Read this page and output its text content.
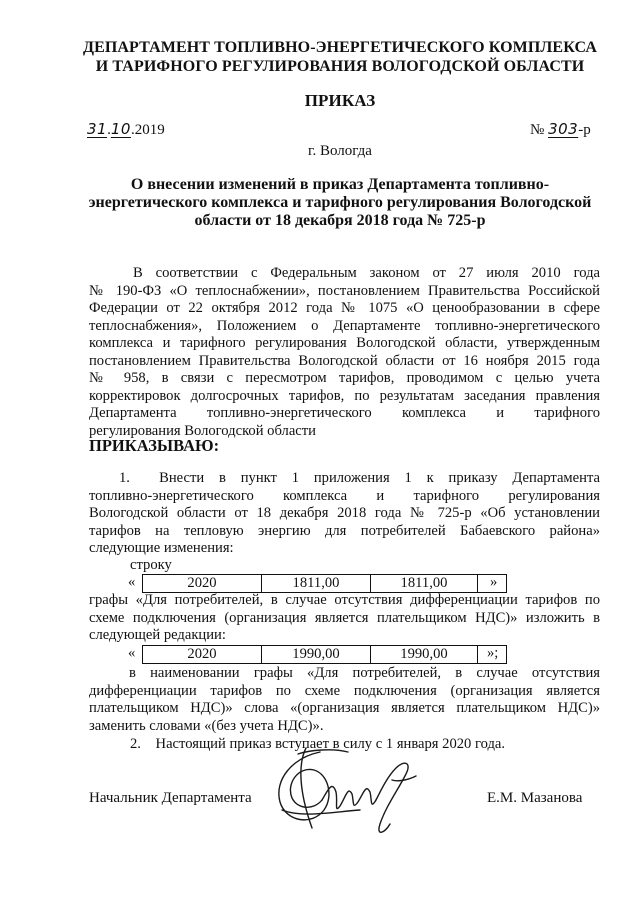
ДЕПАРТАМЕНТ ТОПЛИВНО-ЭНЕРГЕТИЧЕСКОГО КОМПЛЕКСА
И ТАРИФНОГО РЕГУЛИРОВАНИЯ ВОЛОГОДСКОЙ ОБЛАСТИ
ПРИКАЗ
31.10.2019	№ 303-р
г. Вологда
О внесении изменений в приказ Департамента топливно-
энергетического комплекса и тарифного регулирования Вологодской
области от 18 декабря 2018 года № 725-р
В соответствии с Федеральным законом от 27 июля 2010 года
№ 190-ФЗ «О теплоснабжении», постановлением Правительства Российской
Федерации от 22 октября 2012 года № 1075 «О ценообразовании в сфере
теплоснабжения», Положением о Департаменте топливно-энергетического
комплекса и тарифного регулирования Вологодской области, утвержденным
постановлением Правительства Вологодской области от 16 ноября 2015 года
№ 958, в связи с пересмотром тарифов, проводимом с целью учета
корректировок долгосрочных тарифов, по результатам заседания правления
Департамента топливно-энергетического комплекса и тарифного
регулирования Вологодской области
ПРИКАЗЫВАЮ:
1.  Внести в пункт 1 приложения 1 к приказу Департамента
топливно-энергетического комплекса и тарифного регулирования
Вологодской области от 18 декабря 2018 года № 725-р «Об установлении
тарифов на тепловую энергию для потребителей Бабаевского района»
следующие изменения:
строку
«	2020	1811,00	1811,00		»
графы «Для потребителей, в случае отсутствия дифференциации тарифов по
схеме подключения (организация является плательщиком НДС)» изложить в
следующей редакции:
«	2020	1990,00	1990,00		»;
в наименовании графы «Для потребителей, в случае отсутствия
дифференциации тарифов по схеме подключения (организация является
плательщиком НДС)» слова «(организация является плательщиком НДС)»
заменить словами «(без учета НДС)».
2. Настоящий приказ вступает в силу с 1 января 2020 года.
Начальник Департамента	Е.М. Мазанова
